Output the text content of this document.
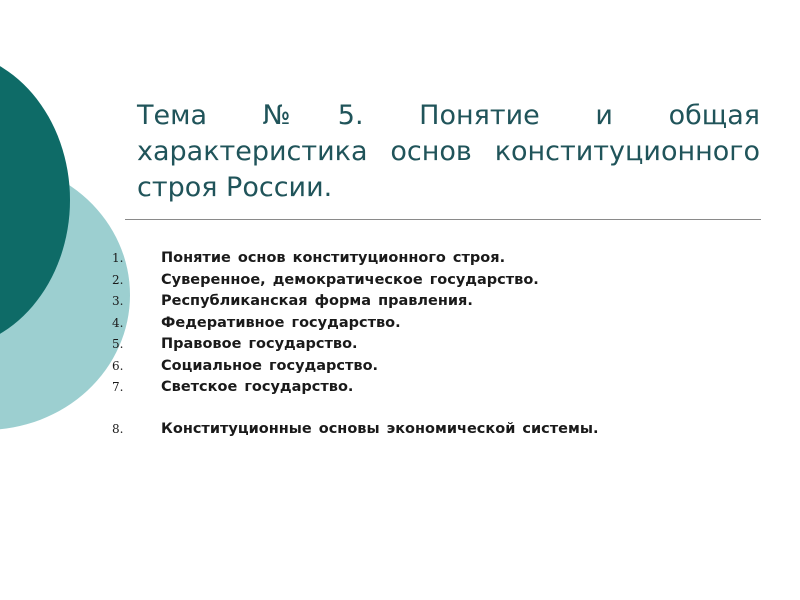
Тема №5. Понятие и общая характеристика основ конституционного строя России.
1.	Понятие основ конституционного строя.
2.	Суверенное, демократическое государство.
3.	Республиканская форма правления.
4.	Федеративное государство.
5.	Правовое государство.
6.	Социальное государство.
7.	Светское государство.
8.	Конституционные основы экономической системы.
